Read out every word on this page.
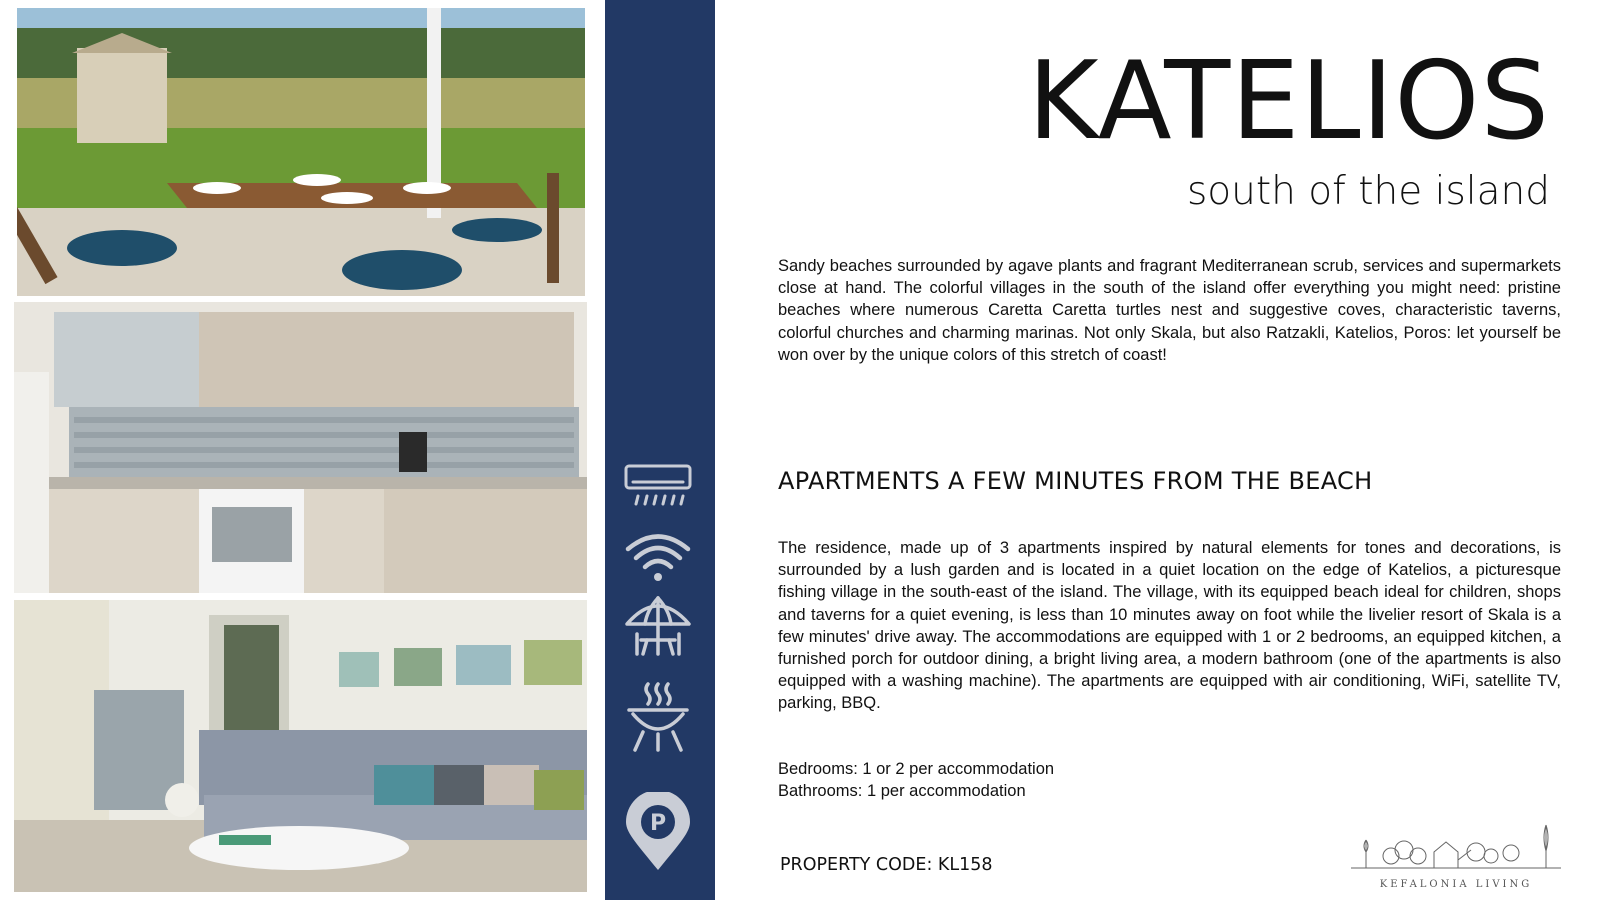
P
KATELIOS
south of the island
Sandy beaches surrounded by agave plants and fragrant Mediterranean scrub, services and supermarkets close at hand. The colorful villages in the south of the island offer everything you might need: pristine beaches where numerous Caretta Caretta turtles nest and suggestive coves, characteristic taverns, colorful churches and charming marinas. Not only Skala, but also Ratzakli, Katelios, Poros: let yourself be won over by the unique colors of this stretch of coast!
APARTMENTS A FEW MINUTES FROM THE BEACH
The residence, made up of 3 apartments inspired by natural elements for tones and decorations, is surrounded by a lush garden and is located in a quiet location on the edge of Katelios, a picturesque fishing village in the south-east of the island. The village, with its equipped beach ideal for children, shops and taverns for a quiet evening, is less than 10 minutes away on foot while the livelier resort of Skala is a few minutes' drive away. The accommodations are equipped with 1 or 2 bedrooms, an equipped kitchen, a furnished porch for outdoor dining, a bright living area, a modern bathroom (one of the apartments is also equipped with a washing machine). The apartments are equipped with air conditioning, WiFi, satellite TV, parking, BBQ.
Bedrooms: 1 or 2 per accommodation
Bathrooms: 1 per accommodation
PROPERTY CODE: KL158
KEFALONIA LIVING
